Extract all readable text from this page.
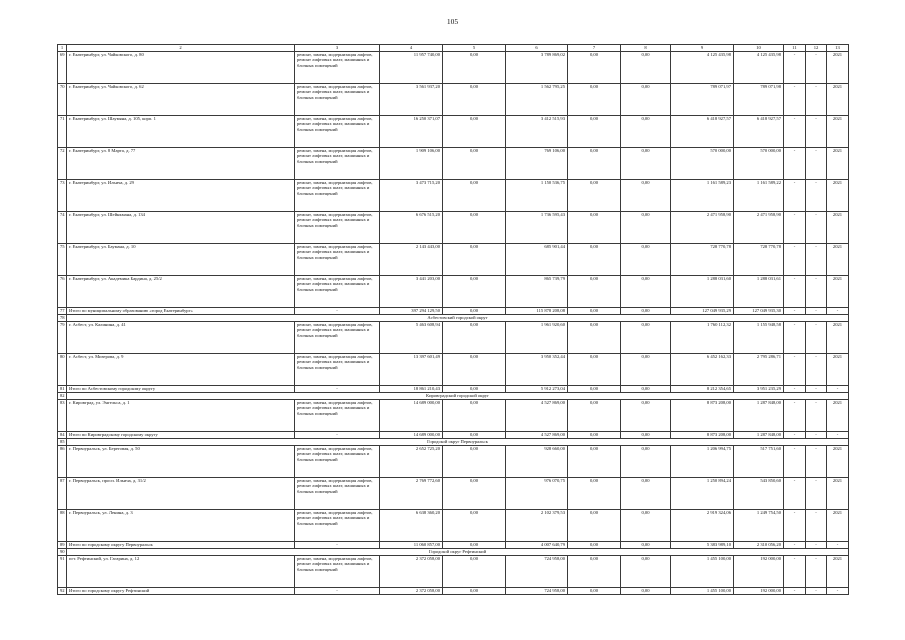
105
1	2	3	4	5	6	7	8	9	10	11	12	13
69	г. Екатеринбург, ул. Чайковского, д. 80	ремонт, замена, модернизация лифтов, ремонт лифтовых шахт, машинных и блочных помещений	11 957 740,00	0,00	3 789 869,02	0,00	0,00	4 125 435,98	4 125 435,98	-	-	2021
70	г. Екатеринбург, ул. Чайковского, д. 62	ремонт, замена, модернизация лифтов, ремонт лифтовых шахт, машинных и блочных помещений	3 561 937,20	0,00	1 562 795,25	0,00	0,00	789 071,97	789 071,98	-	-	2021
71	г. Екатеринбург, ул. Шаумяна, д. 105, корп. 1	ремонт, замена, модернизация лифтов, ремонт лифтовых шахт, машинных и блочных помещений	16 250 371,07	0,00	3 412 515,93	0,00	0,00	6 418 927,57	6 418 927,57	-	-	2021
72	г. Екатеринбург, ул. 8 Марта, д. 77	ремонт, замена, модернизация лифтов, ремонт лифтовых шахт, машинных и блочных помещений	1 909 106,00	0,00	769 106,00	0,00	0,00	570 000,00	570 000,00	-	-	2021
73	г. Екатеринбург, ул. Ильича, д. 29	ремонт, замена, модернизация лифтов, ремонт лифтовых шахт, машинных и блочных помещений	3 473 715,20	0,00	1 150 536,75	0,00	0,00	1 161 589,23	1 161 589,22	-	-	2021
74	г. Екатеринбург, ул. Шейнкмана, д. 134	ремонт, замена, модернизация лифтов, ремонт лифтовых шахт, машинных и блочных помещений	6 676 515,20	0,00	1 736 595,43	0,00	0,00	2 471 958,90	2 471 958,90	-	-	2021
75	г. Екатеринбург, ул. Бауманa, д. 10	ремонт, замена, модернизация лифтов, ремонт лифтовых шахт, машинных и блочных помещений	2 143 443,00	0,00	685 901,44	0,00	0,00	728 770,78	728 770,78	-	-	2021
76	г. Екатеринбург, ул. Академика Бардина, д. 25/2	ремонт, замена, модернизация лифтов, ремонт лифтовых шахт, машинных и блочных помещений	3 441 203,00	0,00	865 739,79	0,00	0,00	1 288 031,60	1 288 031,61	-	-	2021
77	Итого по муниципальному образованию «город Екатеринбург»	-	397 294 129,50	0,00	115 878 208,08	0,00	0,00	127 049 935,29	127 049 935,30	-	-	-
78	Асбестовский городской округ											
79	г. Асбест, ул. Калинина, д. 41	ремонт, замена, модернизация лифтов, ремонт лифтовых шахт, машинных и блочных помещений	5 463 608,94	0,00	1 961 920,60	0,00	0,00	1 760 112,32	1 155 948,58	-	-	2021
80	г. Асбест, ул. Мизерова, д. 9	ремонт, замена, модернизация лифтов, ремонт лифтовых шахт, машинных и блочных помещений	13 397 601,49	0,00	3 950 352,44	0,00	0,00	6 452 162,33	2 795 286,71	-	-	2021
81	Итого по Асбестовскому городскому округу	-	18 861 210,43	0,00	5 912 273,04	0,00	0,00	8 212 354,65	3 951 235,29	-	-	-
82	Кировградский городской округ											
83	г. Кировград, ул. Энгельса, д. 1	ремонт, замена, модернизация лифтов, ремонт лифтовых шахт, машинных и блочных помещений	14 689 000,00	0,00	4 527 869,00	0,00	0,00	8 873 208,00	1 287 848,00	-	-	2021
84	Итого по Кировградскому городскому округу	-	14 689 000,00	0,00	4 527 869,00	0,00	0,00	8 873 208,00	1 287 848,00	-	-	-
85	Городской округ Первоуральск											
86	г. Первоуральск, ул. Береговая, д. 50	ремонт, замена, модернизация лифтов, ремонт лифтовых шахт, машинных и блочных помещений	2 652 725,20	0,00	928 660,00	0,00	0,00	1 206 994,75	517 751,60	-	-	2021
87	г. Первоуральск, просп. Ильича, д. 31/2	ремонт, замена, модернизация лифтов, ремонт лифтовых шахт, машинных и блочных помещений	2 769 772,60	0,00	976 070,75	0,00	0,00	1 250 894,24	543 850,60	-	-	2021
88	г. Первоуральск, ул. Ленина, д. 3	ремонт, замена, модернизация лифтов, ремонт лифтовых шахт, машинных и блочных помещений	6 638 360,20	0,00	2 102 379,53	0,00	0,00	2 919 324,06	1 249 754,50	-	-	2021
89	Итого по городскому округу Первоуральск	-	11 060 857,00	0,00	4 007 640,79	0,00	0,00	5 383 989,10	2 310 056,20	-	-	-
90	Городской округ Рефтинский											
91	пгт. Рефтинский, ул. Гагарина, д. 12	ремонт, замена, модернизация лифтов, ремонт лифтовых шахт, машинных и блочных помещений	2 372 058,00	0,00	724 958,00	0,00	0,00	1 455 100,00	192 000,00	-	-	2021
92	Итого по городскому округу Рефтинский	-	2 372 058,00	0,00	724 958,00	0,00	0,00	1 455 100,00	192 000,00	-	-	-
